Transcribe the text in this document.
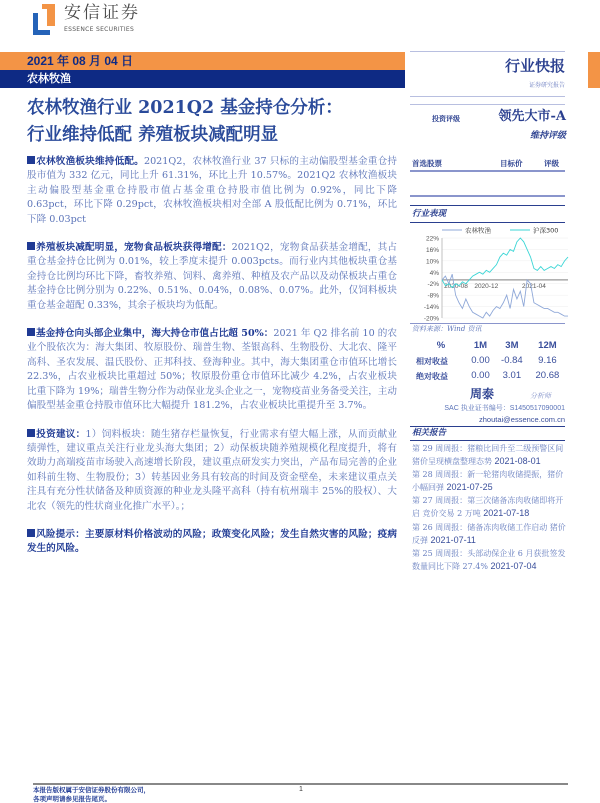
安信证券
ESSENCE SECURITIES
2021 年 08 月 04 日
农林牧渔
行业快报
证券研究报告
农林牧渔行业 2021Q2 基金持仓分析：
行业维持低配 养殖板块减配明显
投资评级	领先大市-A
维持评级
农林牧渔板块维持低配。2021Q2，农林牧渔行业 37 只标的主动偏股型基金重仓持股市值为 332 亿元，同比上升 61.31%，环比上升 10.57%。2021Q2 农林牧渔板块主动偏股型基金重仓持股市值占基金重仓持股市值比例为 0.92%，同比下降 0.63pct，环比下降 0.29pct，农林牧渔板块相对全部 A 股低配比例为 0.71%，环比下降 0.03pct
养殖板块减配明显，宠物食品板块获得增配：2021Q2，宠物食品获基金增配，其占重仓基金持仓比例为 0.01%，较上季度末提升 0.003pcts。而行业内其他板块重仓基金持仓比例均环比下降，畜牧养殖、饲料、禽养殖、种植及农产品以及动保板块占重仓基金持仓比例分别为 0.22%、0.51%、0.04%，0.08%、0.07%。此外，仅饲料板块重仓基金超配 0.33%，其余子板块均为低配。
基金持仓向头部企业集中，海大持仓市值占比超 50%：2021 年 Q2 排名前 10 的农业个股依次为：海大集团、牧原股份、瑞普生物、荃银高科、生物股份、大北农、隆平高科、圣农发展、温氏股份、正邦科技、登海种业。其中，海大集团重仓市值环比增长 22.3%，占农业板块比重超过 50%；牧原股份重仓市值环比减少 4.2%，占农业板块比重下降为 19%；瑞普生物分作为动保业龙头企业之一，宠物疫苗业务备受关注，主动偏股型基金重仓持股市值环比大幅提升 181.2%，占农业板块比重提升至 3.7%。
投资建议：1）饲料板块：随生猪存栏量恢复，行业需求有望大幅上涨，从而贡献业绩弹性，建议重点关注行业龙头海大集团；2）动保板块随养殖规模化程度提升，将有效助力高端疫苗市场驶入高速增长阶段，建议重点研发实力突出，产品布局完善的企业如科前生物、生物股份；3）转基因业务具有较高的时间及资金壁垒，未来建议重点关注具有充分性状储备及种质资源的种业龙头隆平高科（持有杭州瑞丰 25%的股权）、大北农（领先的性状商业化推广水平）。；
风险提示：主要原材料价格波动的风险；政策变化风险；发生自然灾害的风险；疫病发生的风险。
首选股票	目标价	评级
行业表现
22%
16%
10%
4%
-2%
-8%
-14%
-20%
2020-08 2020-12	2021-04
农林牧渔	沪深300
资料来源：Wind 资讯
%	1M	3M	12M
相对收益	0.00	-0.84	9.16
绝对收益	0.00	3.01	20.68
周泰	分析师
SAC 执业证书编号：S1450517090001
zhoutai@essence.com.cn
相关报告
第 29 周周报：猪粮比回升至二级预警区间 猪价呈现横盘整理态势 2021-08-01
第 28 周周报：新一轮猪肉收储提振，猪价小幅回弹 2021-07-25
第 27 周周报：第三次储备冻肉收储即将开启 竞价交易 2 万吨 2021-07-18
第 26 周周报：储备冻肉收储工作启动 猪价反弹 2021-07-11
第 25 周周报：头部动保企业 6 月获批签发数量同比下降 27.4% 2021-07-04
本报告版权属于安信证券股份有限公司，
各项声明请参见报告尾页。
1
